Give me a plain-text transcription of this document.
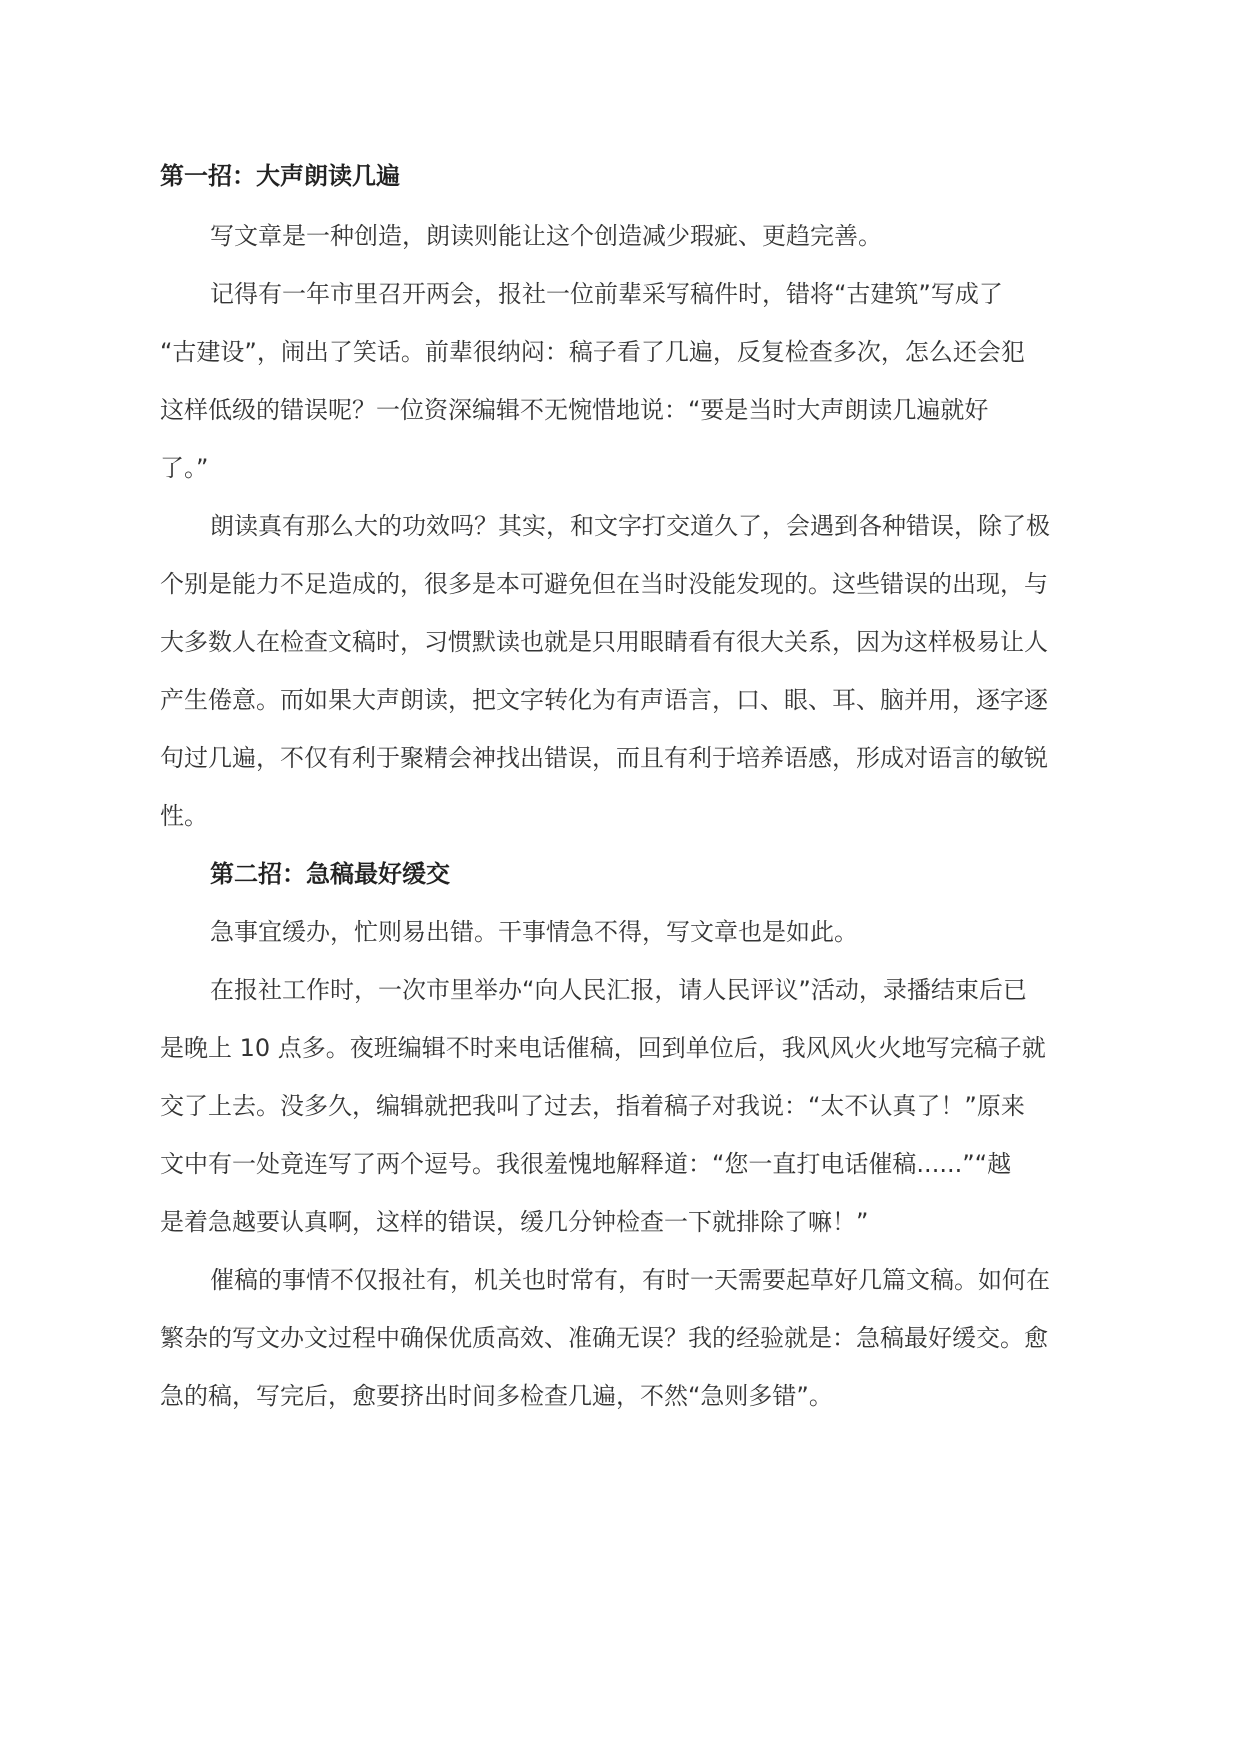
第一招：大声朗读几遍
写文章是一种创造，朗读则能让这个创造减少瑕疵、更趋完善。
记得有一年市里召开两会，报社一位前辈采写稿件时，错将“古建筑”写成了
“古建设”，闹出了笑话。前辈很纳闷：稿子看了几遍，反复检查多次，怎么还会犯
这样低级的错误呢？一位资深编辑不无惋惜地说：“要是当时大声朗读几遍就好
了。”
朗读真有那么大的功效吗？其实，和文字打交道久了，会遇到各种错误，除了极
个别是能力不足造成的，很多是本可避免但在当时没能发现的。这些错误的出现，与
大多数人在检查文稿时，习惯默读也就是只用眼睛看有很大关系，因为这样极易让人
产生倦意。而如果大声朗读，把文字转化为有声语言，口、眼、耳、脑并用，逐字逐
句过几遍，不仅有利于聚精会神找出错误，而且有利于培养语感，形成对语言的敏锐
性。
第二招：急稿最好缓交
急事宜缓办，忙则易出错。干事情急不得，写文章也是如此。
在报社工作时，一次市里举办“向人民汇报，请人民评议”活动，录播结束后已
是晚上 10 点多。夜班编辑不时来电话催稿，回到单位后，我风风火火地写完稿子就
交了上去。没多久，编辑就把我叫了过去，指着稿子对我说：“太不认真了！”原来
文中有一处竟连写了两个逗号。我很羞愧地解释道：“您一直打电话催稿......”“越
是着急越要认真啊，这样的错误，缓几分钟检查一下就排除了嘛！”
催稿的事情不仅报社有，机关也时常有，有时一天需要起草好几篇文稿。如何在
繁杂的写文办文过程中确保优质高效、准确无误？我的经验就是：急稿最好缓交。愈
急的稿，写完后，愈要挤出时间多检查几遍，不然“急则多错”。
